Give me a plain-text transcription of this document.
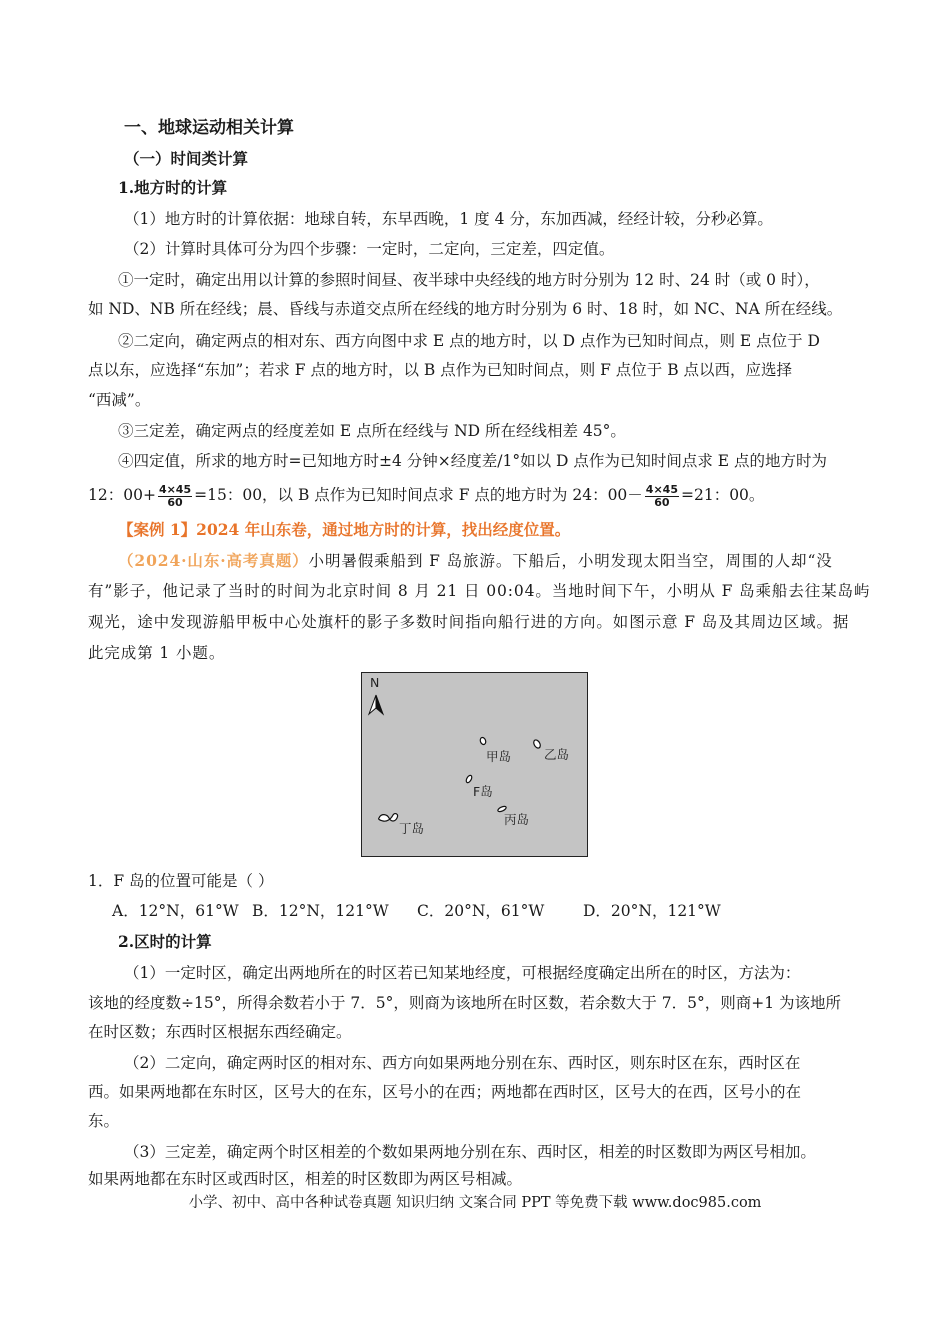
一、地球运动相关计算
（一）时间类计算
1.地方时的计算
（1）地方时的计算依据：地球自转，东早西晚，1 度 4 分，东加西减，经经计较，分秒必算。
（2）计算时具体可分为四个步骤：一定时，二定向，三定差，四定值。
①一定时，确定出用以计算的参照时间昼、夜半球中央经线的地方时分别为 12 时、24 时（或 0 时），
如 ND、NB 所在经线；晨、昏线与赤道交点所在经线的地方时分别为 6 时、18 时，如 NC、NA 所在经线。
②二定向，确定两点的相对东、西方向图中求 E 点的地方时，以 D 点作为已知时间点，则 E 点位于 D
点以东，应选择“东加”；若求 F 点的地方时，以 B 点作为已知时间点，则 F 点位于 B 点以西，应选择
“西减”。
③三定差，确定两点的经度差如 E 点所在经线与 ND 所在经线相差 45°。
④四定值，所求的地方时=已知地方时±4 分钟×经度差/1°如以 D 点作为已知时间点求 E 点的地方时为
12：$00+ \frac{4\times 45}{60} =15$：00，以 B 点作为已知时间点求 F 点的地方时为 24：$00- \frac{4\times 45}{60} =21$：00。
【案例 1】2024 年山东卷，通过地方时的计算，找出经度位置。
（2024·山东·高考真题）小明暑假乘船到 F 岛旅游。下船后，小明发现太阳当空，周围的人却“没
有”影子，他记录了当时的时间为北京时间 8 月 21 日 00:04。当地时间下午，小明从 F 岛乘船去往某岛屿
观光，途中发现游船甲板中心处旗杆的影子多数时间指向船行进的方向。如图示意 F 岛及其周边区域。据
此完成第 1 小题。
N
甲岛	乙岛
F岛
丙岛
丁岛
1．F 岛的位置可能是（ ）
A．12°N，61°W B．12°N，121°W C．20°N，61°W D．20°N，121°W
2.区时的计算
（1）一定时区，确定出两地所在的时区若已知某地经度，可根据经度确定出所在的时区，方法为：
该地的经度数÷15°，所得余数若小于 7．5°，则商为该地所在时区数，若余数大于 7．5°，则商+1 为该地所
在时区数；东西时区根据东西经确定。
（2）二定向，确定两时区的相对东、西方向如果两地分别在东、西时区，则东时区在东，西时区在
西。如果两地都在东时区，区号大的在东，区号小的在西；两地都在西时区，区号大的在西，区号小的在
东。
（3）三定差，确定两个时区相差的个数如果两地分别在东、西时区，相差的时区数即为两区号相加。
如果两地都在东时区或西时区，相差的时区数即为两区号相减。
小学、初中、高中各种试卷真题 知识归纳 文案合同 PPT 等免费下载 www.doc985.com
